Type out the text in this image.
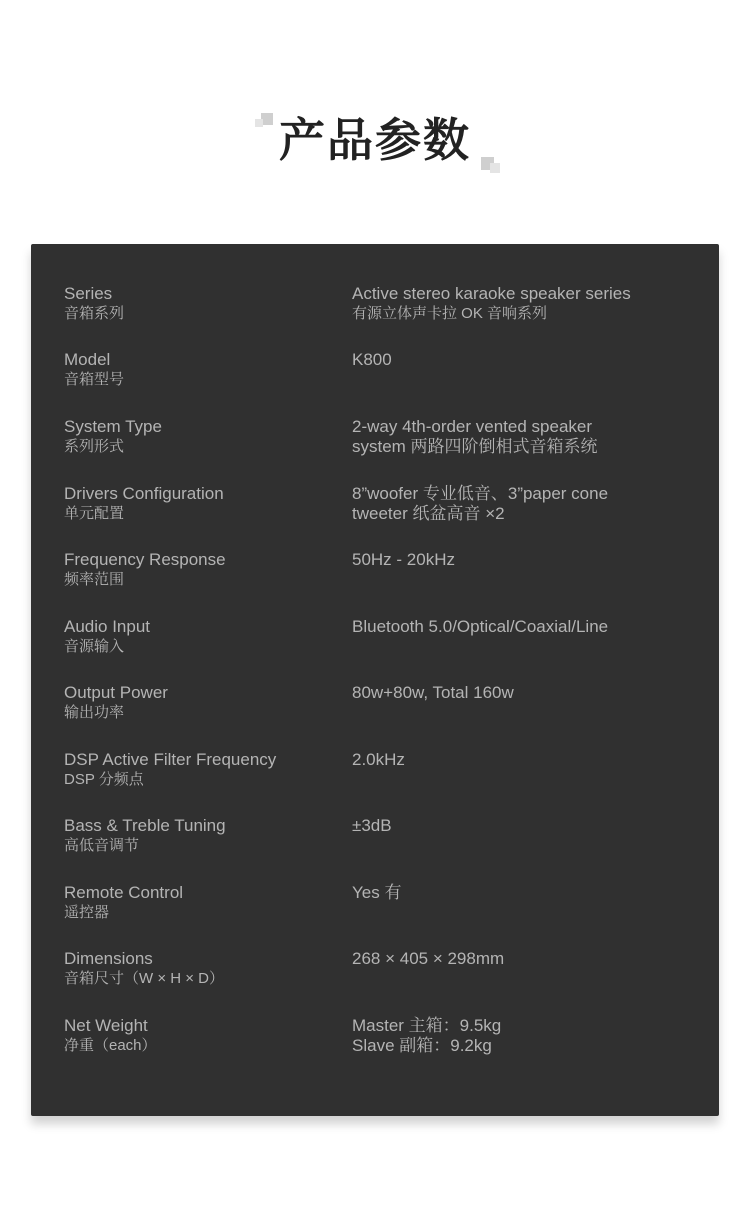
产品参数
Series
音箱系列
Active stereo karaoke speaker series
有源立体声卡拉 OK 音响系列
Model
音箱型号
K800
System Type
系列形式
2-way 4th-order vented speaker
system 两路四阶倒相式音箱系统
Drivers Configuration
单元配置
8”woofer 专业低音、3”paper cone
tweeter 纸盆高音 ×2
Frequency Response
频率范围
50Hz - 20kHz
Audio Input
音源输入
Bluetooth 5.0/Optical/Coaxial/Line
Output Power
输出功率
80w+80w, Total 160w
DSP Active Filter Frequency
DSP 分频点
2.0kHz
Bass & Treble Tuning
高低音调节
±3dB
Remote Control
遥控器
Yes 有
Dimensions
音箱尺寸（W × H × D）
268 × 405 × 298mm
Net Weight
净重（each）
Master 主箱：9.5kg
Slave 副箱：9.2kg
